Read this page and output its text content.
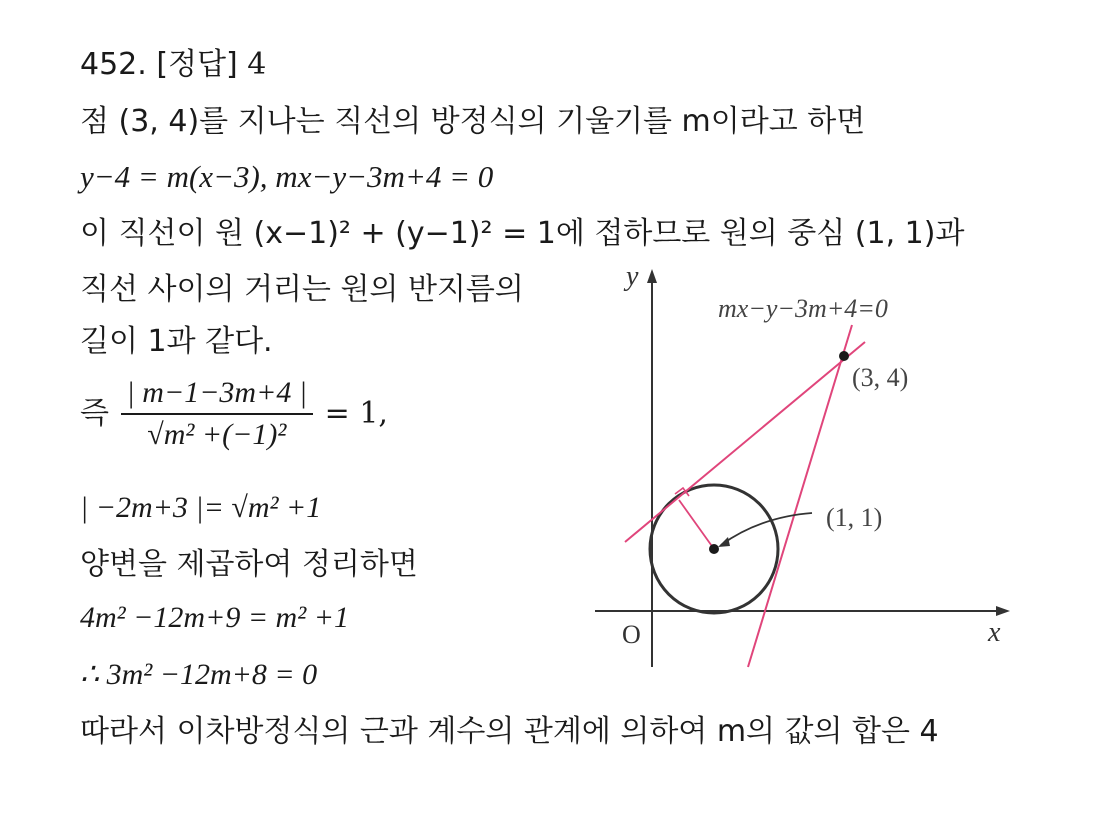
452. [정답] 4
점 (3, 4)를 지나는 직선의 방정식의 기울기를 m이라고 하면
y−4 = m(x−3), mx−y−3m+4 = 0
이 직선이 원 (x−1)² + (y−1)² = 1에 접하므로 원의 중심 (1, 1)과
직선 사이의 거리는 원의 반지름의
길이 1과 같다.
즉 $\frac{| m-1-3m+4 |}{\text{√m² +(−1)²}} = 1$,
| −2m+3 |= √m² +1
양변을 제곱하여 정리하면
4m² −12m+9 = m² +1
∴ 3m² −12m+8 = 0
따라서 이차방정식의 근과 계수의 관계에 의하여 m의 값의 합은 4
y
x
O
mx−y−3m+4=0
(3, 4)
(1, 1)
